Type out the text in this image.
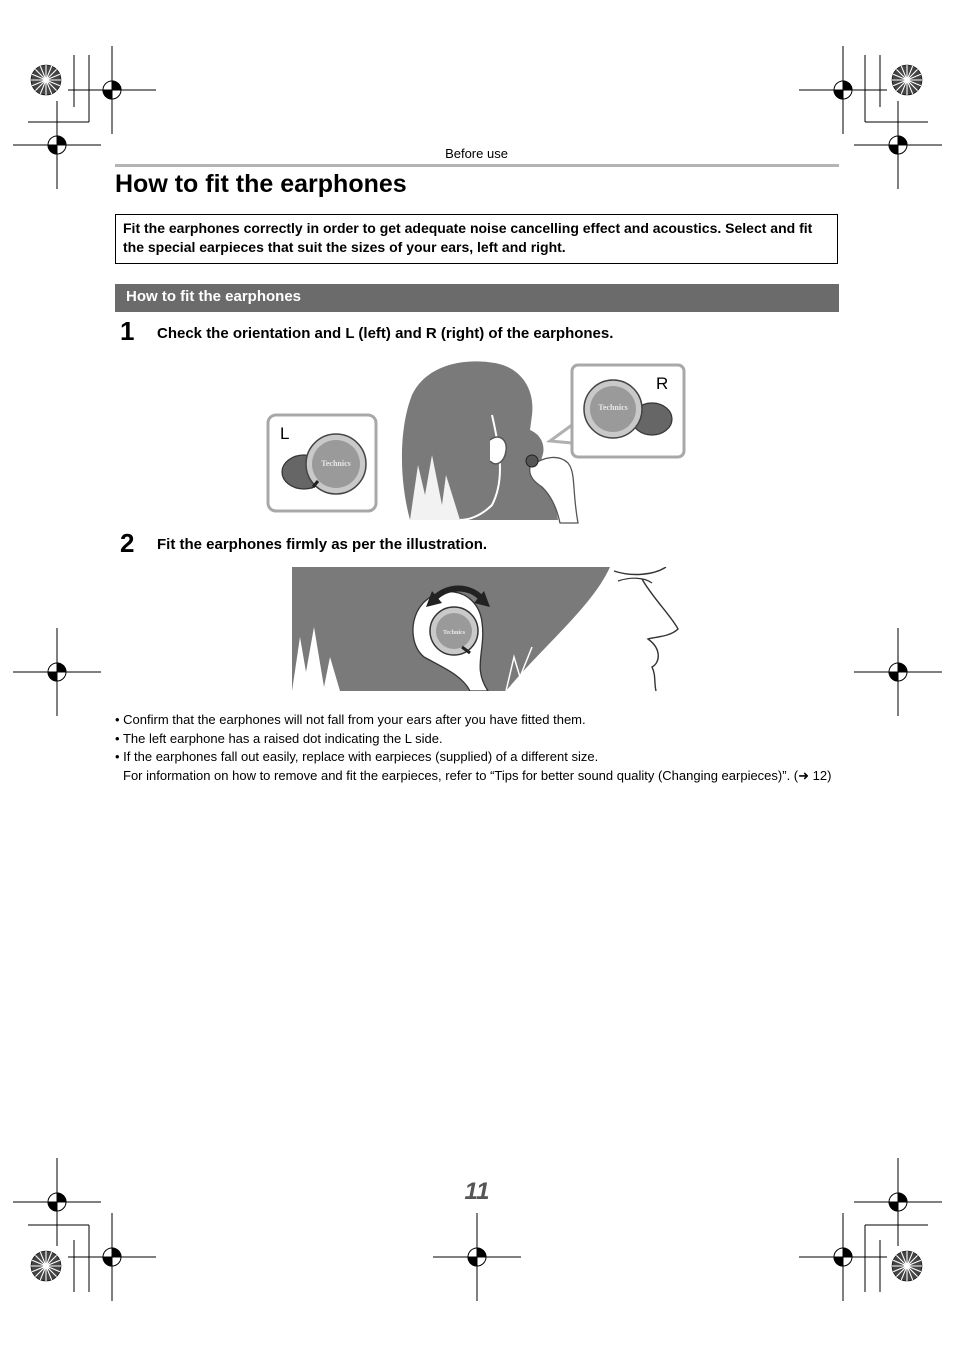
Before use
How to fit the earphones
Fit the earphones correctly in order to get adequate noise cancelling effect and acoustics. Select and fit the special earpieces that suit the sizes of your ears, left and right.
How to fit the earphones
1 Check the orientation and L (left) and R (right) of the earphones.
L
Technics
R
Technics
2 Fit the earphones firmly as per the illustration.
Technics
• Confirm that the earphones will not fall from your ears after you have fitted them.
• The left earphone has a raised dot indicating the L side.
• If the earphones fall out easily, replace with earpieces (supplied) of a different size.
For information on how to remove and fit the earpieces, refer to “Tips for better sound quality (Changing earpieces)”. (➜ 12)
11
